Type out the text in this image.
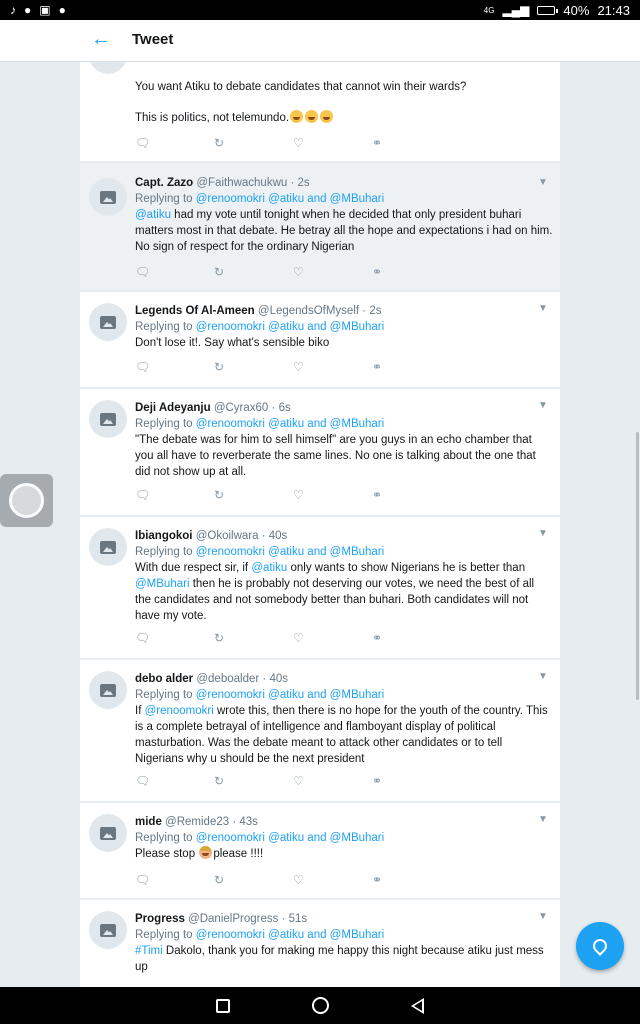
♪ ● ▣ ●	4G ▂▄▆	40% 21:43
← Tweet
You want Atiku to debate candidates that cannot win their wards?
This is politics, not telemundo.
🗨	↻	♡	⚭
▼
Capt. Zazo @Faithwachukwu · 2s
Replying to @renoomokri @atiku and @MBuhari
@atiku had my vote until tonight when he decided that only president buhari matters most in that debate. He betray all the hope and expectations i had on him. No sign of respect for the ordinary Nigerian
🗨	↻	♡	⚭
▼
Legends Of Al-Ameen @LegendsOfMyself · 2s
Replying to @renoomokri @atiku and @MBuhari
Don't lose it!. Say what's sensible biko
🗨	↻	♡	⚭
▼
Deji Adeyanju @Cyrax60 · 6s
Replying to @renoomokri @atiku and @MBuhari
"The debate was for him to sell himself" are you guys in an echo chamber that you all have to reverberate the same lines. No one is talking about the one that did not show up at all.
🗨	↻	♡	⚭
▼
Ibiangokoi @Okoilwara · 40s
Replying to @renoomokri @atiku and @MBuhari
With due respect sir, if @atiku only wants to show Nigerians he is better than @MBuhari then he is probably not deserving our votes, we need the best of all the candidates and not somebody better than buhari. Both candidates will not have my vote.
🗨	↻	♡	⚭
▼
debo alder @deboalder · 40s
Replying to @renoomokri @atiku and @MBuhari
If @renoomokri wrote this, then there is no hope for the youth of the country. This is a complete betrayal of intelligence and flamboyant display of political masturbation. Was the debate meant to attack other candidates or to tell Nigerians why u should be the next president
🗨	↻	♡	⚭
▼
mide @Remide23 · 43s
Replying to @renoomokri @atiku and @MBuhari
Please stop please !!!!
🗨	↻	♡	⚭
▼
Progress @DanielProgress · 51s
Replying to @renoomokri @atiku and @MBuhari
#Timi Dakolo, thank you for making me happy this night because atiku just mess up
